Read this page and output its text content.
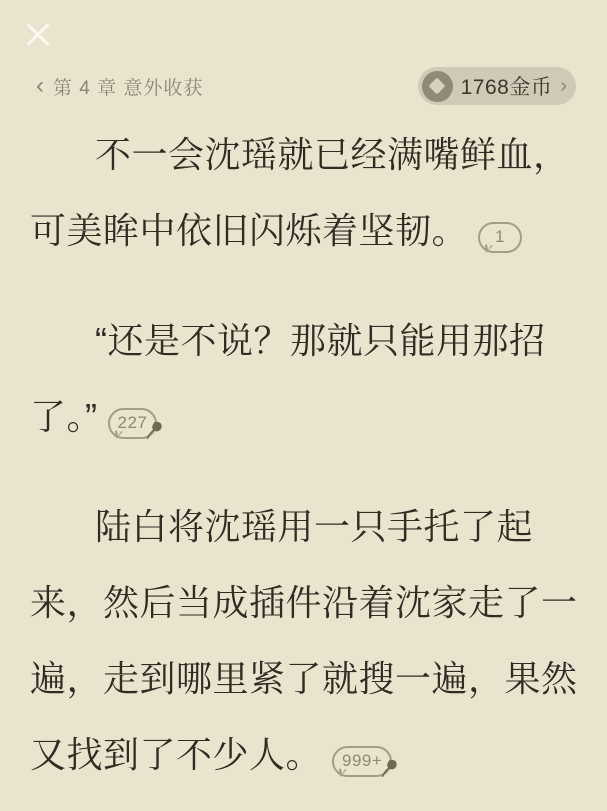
‹ 第 4 章 意外收获	1768金币 ›
不一会沈瑶就已经满嘴鲜血，
可美眸中依旧闪烁着坚韧。 1
“还是不说？那就只能用那招
了。” 227
陆白将沈瑶用一只手托了起
来，然后当成插件沿着沈家走了一
遍，走到哪里紧了就搜一遍，果然
又找到了不少人。 999+
